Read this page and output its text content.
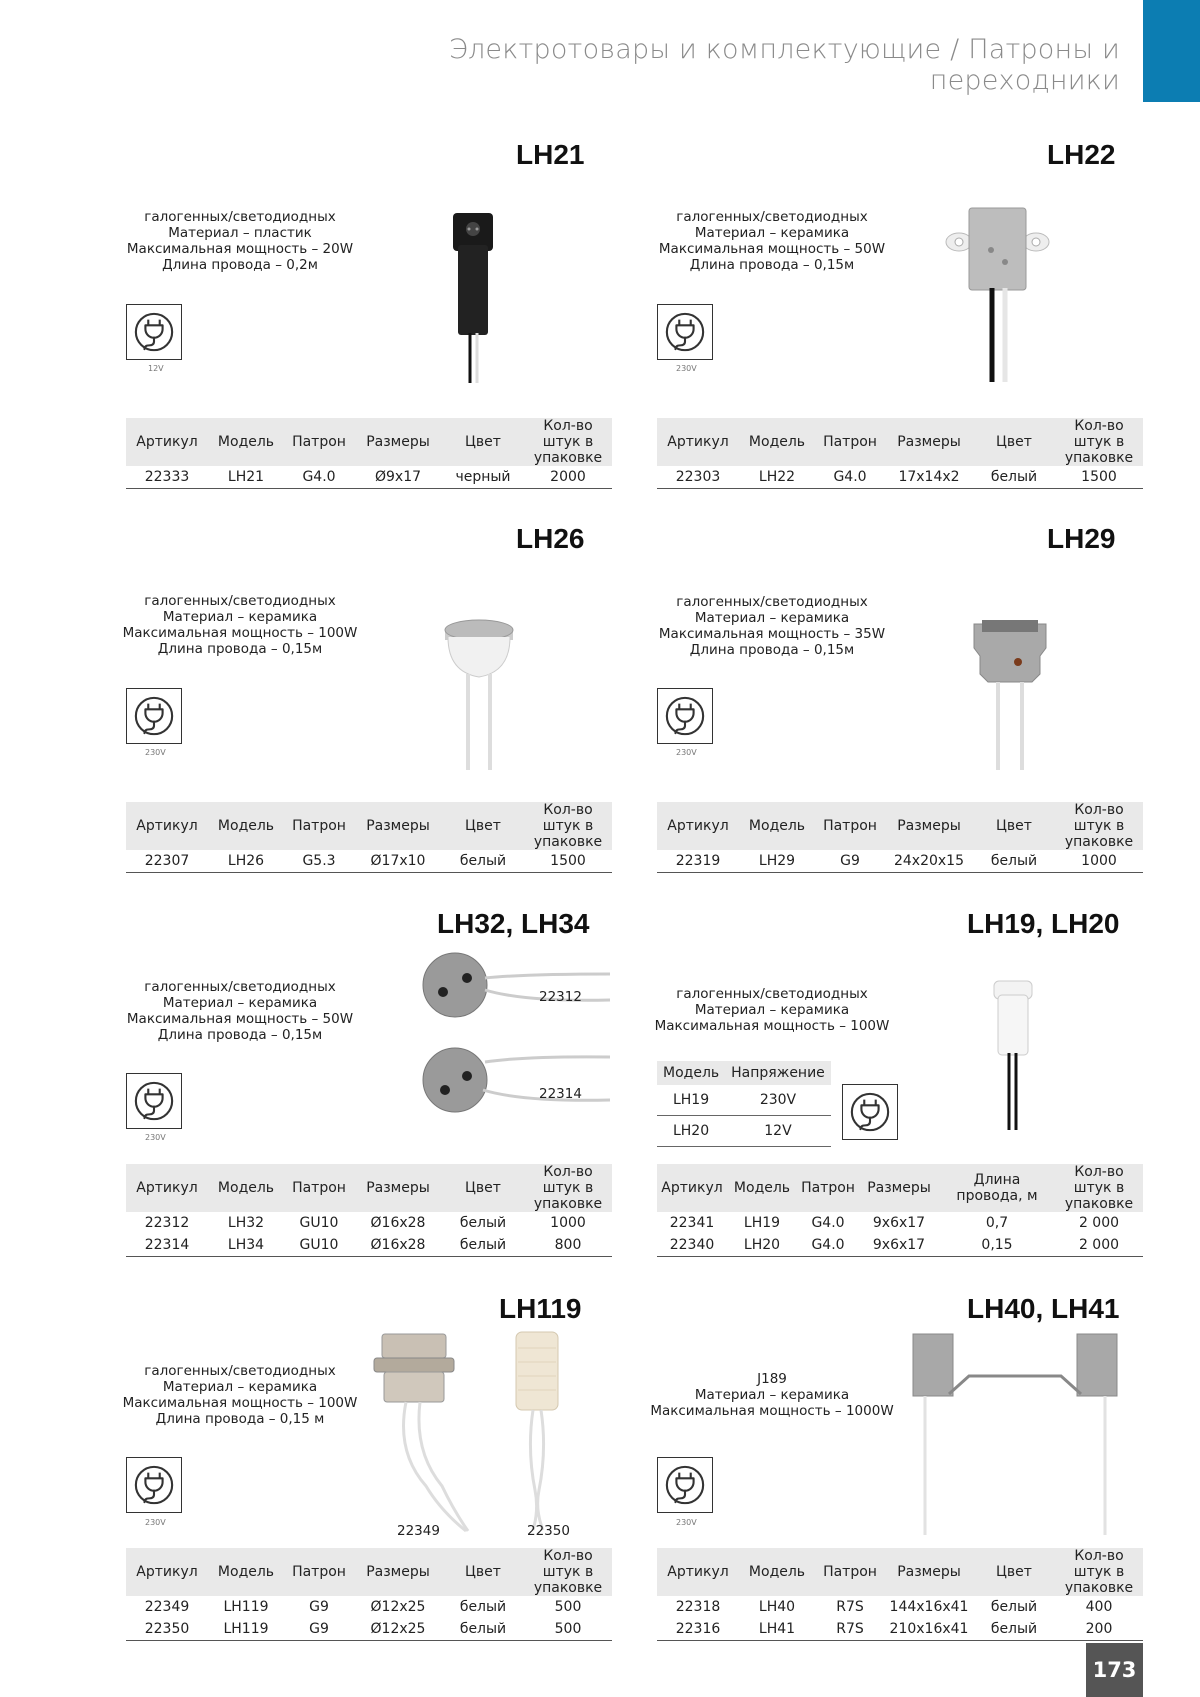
Электротовары и комплектующие / Патроны и переходники
LH21
галогенных/светодиодных
Материал – пластик
Максимальная мощность – 20W
Длина провода – 0,2м
12V
Артикул	Модель	Патрон	Размеры	Цвет	Кол-во штук в упаковке
22333	LH21	G4.0	Ø9x17	черный	2000
LH22
галогенных/светодиодных
Материал – керамика
Максимальная мощность – 50W
Длина провода – 0,15м
230V
Артикул	Модель	Патрон	Размеры	Цвет	Кол-во штук в упаковке
22303	LH22	G4.0	17x14x2	белый	1500
LH26
галогенных/светодиодных
Материал – керамика
Максимальная мощность – 100W
Длина провода – 0,15м
230V
Артикул	Модель	Патрон	Размеры	Цвет	Кол-во штук в упаковке
22307	LH26	G5.3	Ø17x10	белый	1500
LH29
галогенных/светодиодных
Материал – керамика
Максимальная мощность – 35W
Длина провода – 0,15м
230V
Артикул	Модель	Патрон	Размеры	Цвет	Кол-во штук в упаковке
22319	LH29	G9	24x20x15	белый	1000
LH32, LH34
галогенных/светодиодных
Материал – керамика
Максимальная мощность – 50W
Длина провода – 0,15м
230V
22312
22314
Артикул	Модель	Патрон	Размеры	Цвет	Кол-во штук в упаковке
22312	LH32	GU10	Ø16x28	белый	1000
22314	LH34	GU10	Ø16x28	белый	800
LH19, LH20
галогенных/светодиодных
Материал – керамика
Максимальная мощность – 100W
Модель	Напряжение
LH19	230V
LH20	12V
Артикул	Модель	Патрон	Размеры	Длина провода, м	Кол-во штук в упаковке
22341	LH19	G4.0	9x6x17	0,7	2 000
22340	LH20	G4.0	9x6x17	0,15	2 000
LH119
галогенных/светодиодных
Материал – керамика
Максимальная мощность – 100W
Длина провода – 0,15 м
230V
22349	22350
Артикул	Модель	Патрон	Размеры	Цвет	Кол-во штук в упаковке
22349	LH119	G9	Ø12x25	белый	500
22350	LH119	G9	Ø12x25	белый	500
LH40, LH41
J189
Материал – керамика
Максимальная мощность – 1000W
230V
Артикул	Модель	Патрон	Размеры	Цвет	Кол-во штук в упаковке
22318	LH40	R7S	144x16x41	белый	400
22316	LH41	R7S	210x16x41	белый	200
173
